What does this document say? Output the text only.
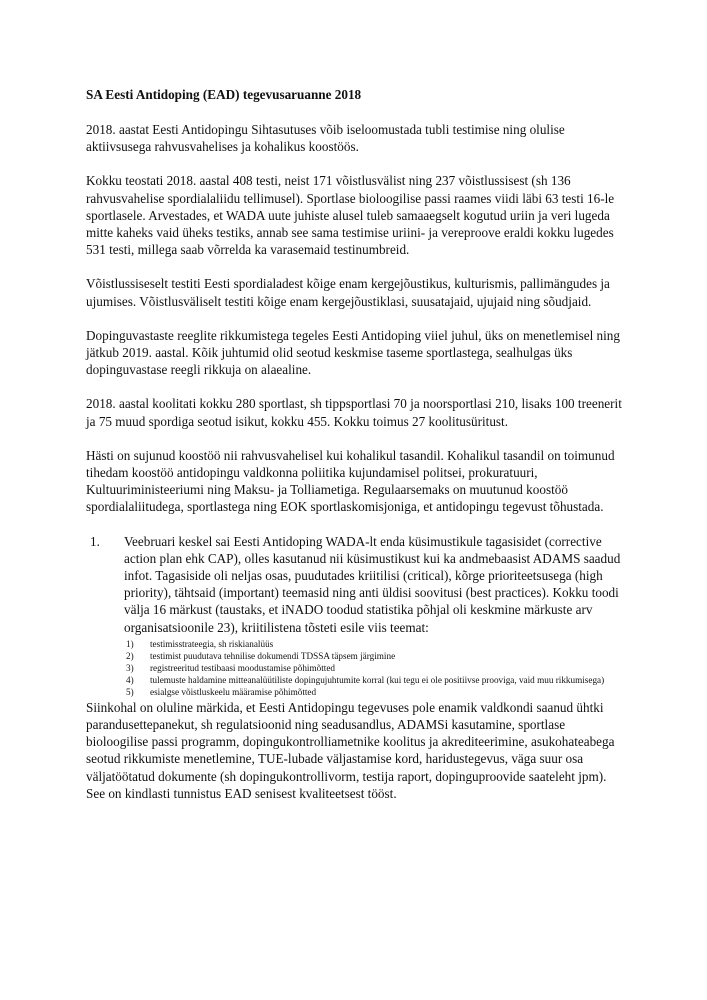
SA Eesti Antidoping (EAD) tegevusaruanne 2018

2018. aastat Eesti Antidopingu Sihtasutuses võib iseloomustada tubli testimise ning olulise aktiivsusega rahvusvahelises ja kohalikus koostöös.

Kokku teostati 2018. aastal 408 testi, neist 171 võistlusvälist ning 237 võistlussisest (sh 136 rahvusvahelise spordialaliidu tellimusel). Sportlase bioloogilise passi raames viidi läbi 63 testi 16-le sportlasele. Arvestades, et WADA uute juhiste alusel tuleb samaaegselt kogutud uriin ja veri lugeda mitte kaheks vaid üheks testiks, annab see sama testimise uriini- ja vereproove eraldi kokku lugedes 531 testi, millega saab võrrelda ka varasemaid testinumbreid.

Võistlussiseselt testiti Eesti spordialadest kõige enam kergejõustikus, kulturismis, pallimängudes ja ujumises. Võistlusväliselt testiti kõige enam kergejõustiklasi, suusatajaid, ujujaid ning sõudjaid.

Dopinguvastaste reeglite rikkumistega tegeles Eesti Antidoping viiel juhul, üks on menetlemisel ning jätkub 2019. aastal. Kõik juhtumid olid seotud keskmise taseme sportlastega, sealhulgas üks dopinguvastase reegli rikkuja on alaealine.

2018. aastal koolitati kokku 280 sportlast, sh tippsportlasi 70 ja noorsportlasi 210, lisaks 100 treenerit ja 75 muud spordiga seotud isikut, kokku 455. Kokku toimus 27 koolitusüritust.

Hästi on sujunud koostöö nii rahvusvahelisel kui kohalikul tasandil. Kohalikul tasandil on toimunud tihedam koostöö antidopingu valdkonna poliitika kujundamisel politsei, prokuratuuri, Kultuuriministeeriumi ning Maksu- ja Tolliametiga. Regulaarsemaks on muutunud koostöö spordialaliitudega, sportlastega ning EOK sportlaskomisjoniga, et antidopingu tegevust tõhustada.

1. Veebruari keskel sai Eesti Antidoping WADA-lt enda küsimustikule tagasisidet (corrective action plan ehk CAP), olles kasutanud nii küsimustikust kui ka andmebaasist ADAMS saadud infot. Tagasiside oli neljas osas, puudutades kriitilisi (critical), kõrge prioriteetsusega (high priority), tähtsaid (important) teemasid ning anti üldisi soovitusi (best practices). Kokku toodi välja 16 märkust (taustaks, et iNADO toodud statistika põhjal oli keskmine märkuste arv organisatsioonile 23), kriitilistena tõsteti esile viis teemat:
1) testimisstrateegia, sh riskianalüüs
2) testimist puudutava tehnilise dokumendi TDSSA täpsem järgimine
3) registreeritud testibaasi moodustamise põhimõtted
4) tulemuste haldamine mitteanalüütiliste dopingujuhtumite korral (kui tegu ei ole positiivse prooviga, vaid muu rikkumisega)
5) esialgse võistluskeelu määramise põhimõtted

Siinkohal on oluline märkida, et Eesti Antidopingu tegevuses pole enamik valdkondi saanud ühtki parandusettepanekut, sh regulatsioonid ning seadusandlus, ADAMSi kasutamine, sportlase bioloogilise passi programm, dopingukontrolliametnike koolitus ja akrediteerimine, asukohateabega seotud rikkumiste menetlemine, TUE-lubade väljastamise kord, haridustegevus, väga suur osa väljatöötatud dokumente (sh dopingukontrollivorm, testija raport, dopinguproovide saateleht jpm). See on kindlasti tunnistus EAD senisest kvaliteetsest tööst.
